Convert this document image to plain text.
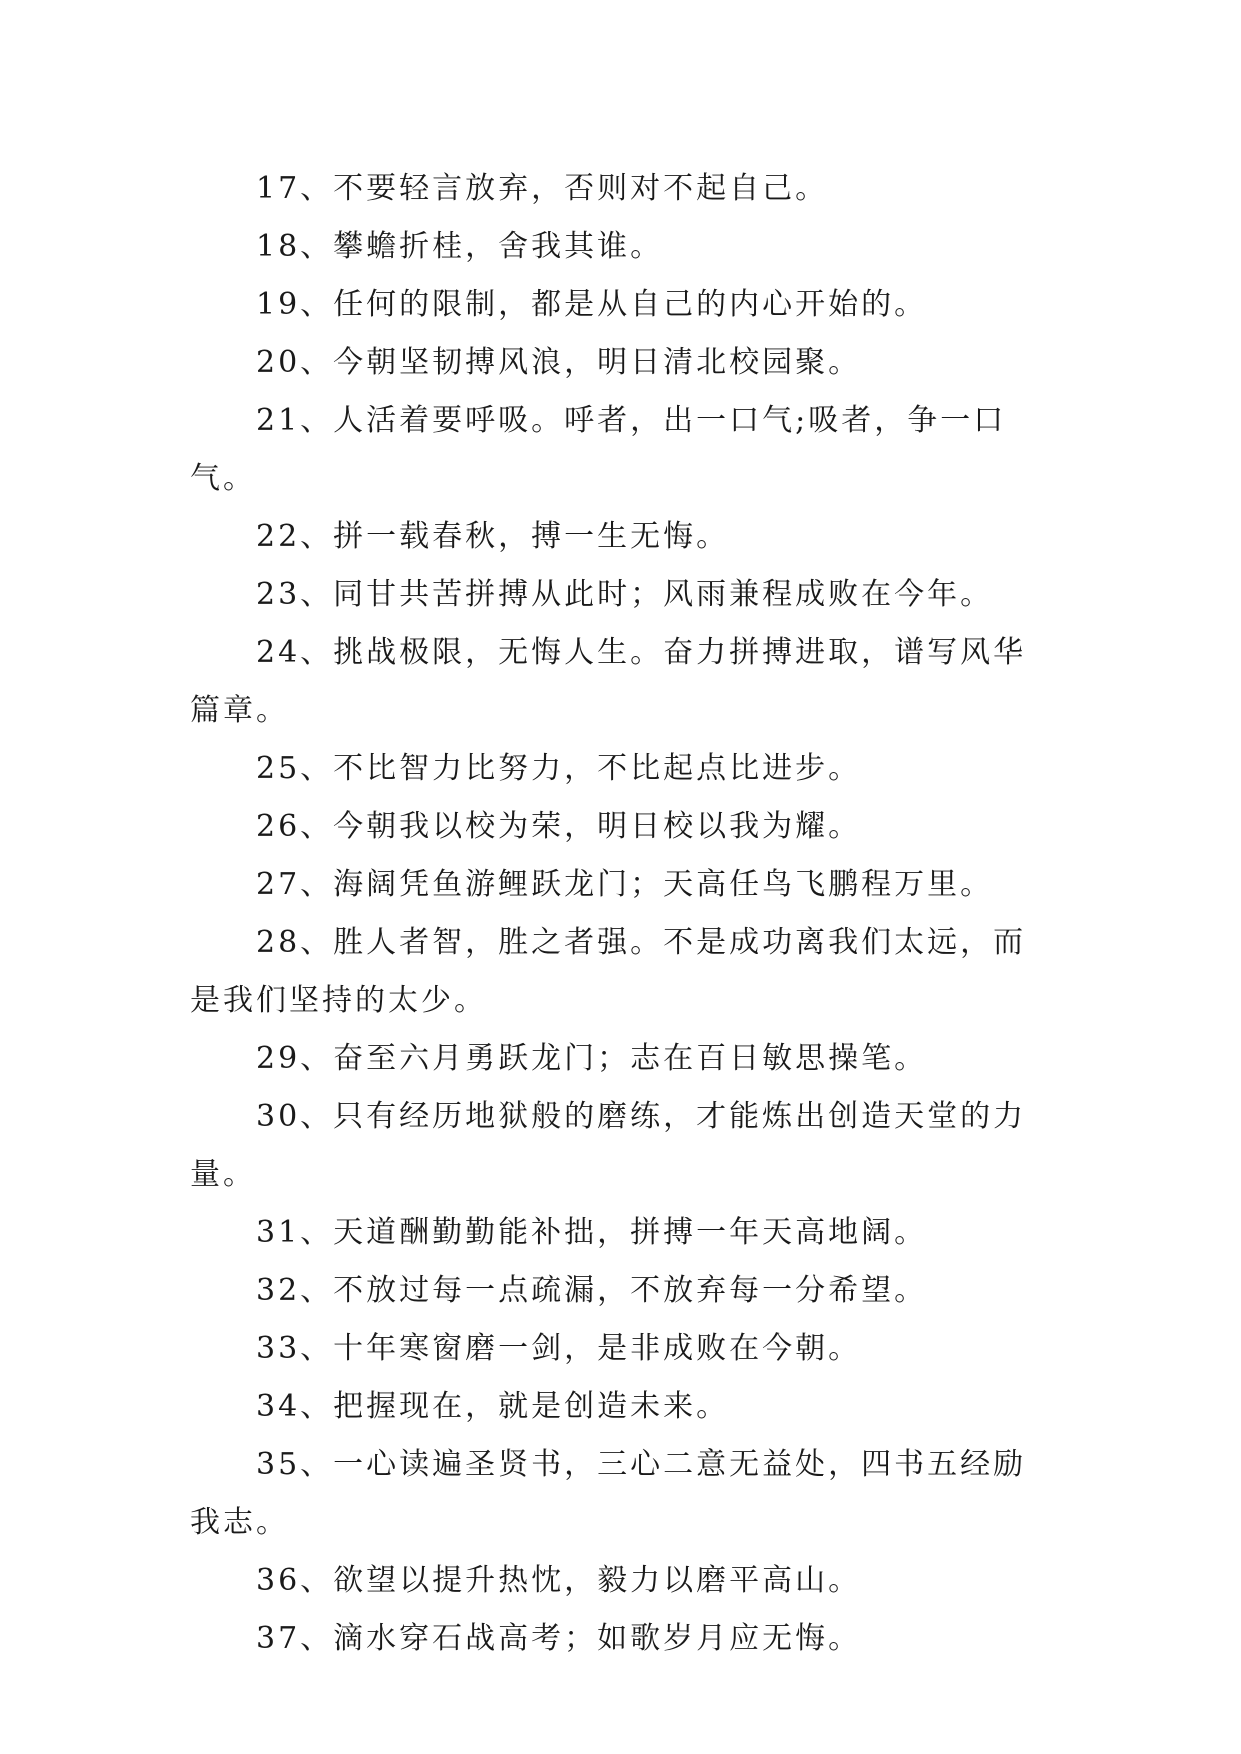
17、不要轻言放弃，否则对不起自己。

18、攀蟾折桂，舍我其谁。

19、任何的限制，都是从自己的内心开始的。

20、今朝坚韧搏风浪，明日清北校园聚。

21、人活着要呼吸。呼者，出一口气;吸者，争一口气。

22、拼一载春秋，搏一生无悔。

23、同甘共苦拼搏从此时；风雨兼程成败在今年。

24、挑战极限，无悔人生。奋力拼搏进取，谱写风华篇章。

25、不比智力比努力，不比起点比进步。

26、今朝我以校为荣，明日校以我为耀。

27、海阔凭鱼游鲤跃龙门；天高任鸟飞鹏程万里。

28、胜人者智，胜之者强。不是成功离我们太远，而是我们坚持的太少。

29、奋至六月勇跃龙门；志在百日敏思操笔。

30、只有经历地狱般的磨练，才能炼出创造天堂的力量。

31、天道酬勤勤能补拙，拼搏一年天高地阔。

32、不放过每一点疏漏，不放弃每一分希望。

33、十年寒窗磨一剑，是非成败在今朝。

34、把握现在，就是创造未来。

35、一心读遍圣贤书，三心二意无益处，四书五经励我志。

36、欲望以提升热忱，毅力以磨平高山。

37、滴水穿石战高考；如歌岁月应无悔。
